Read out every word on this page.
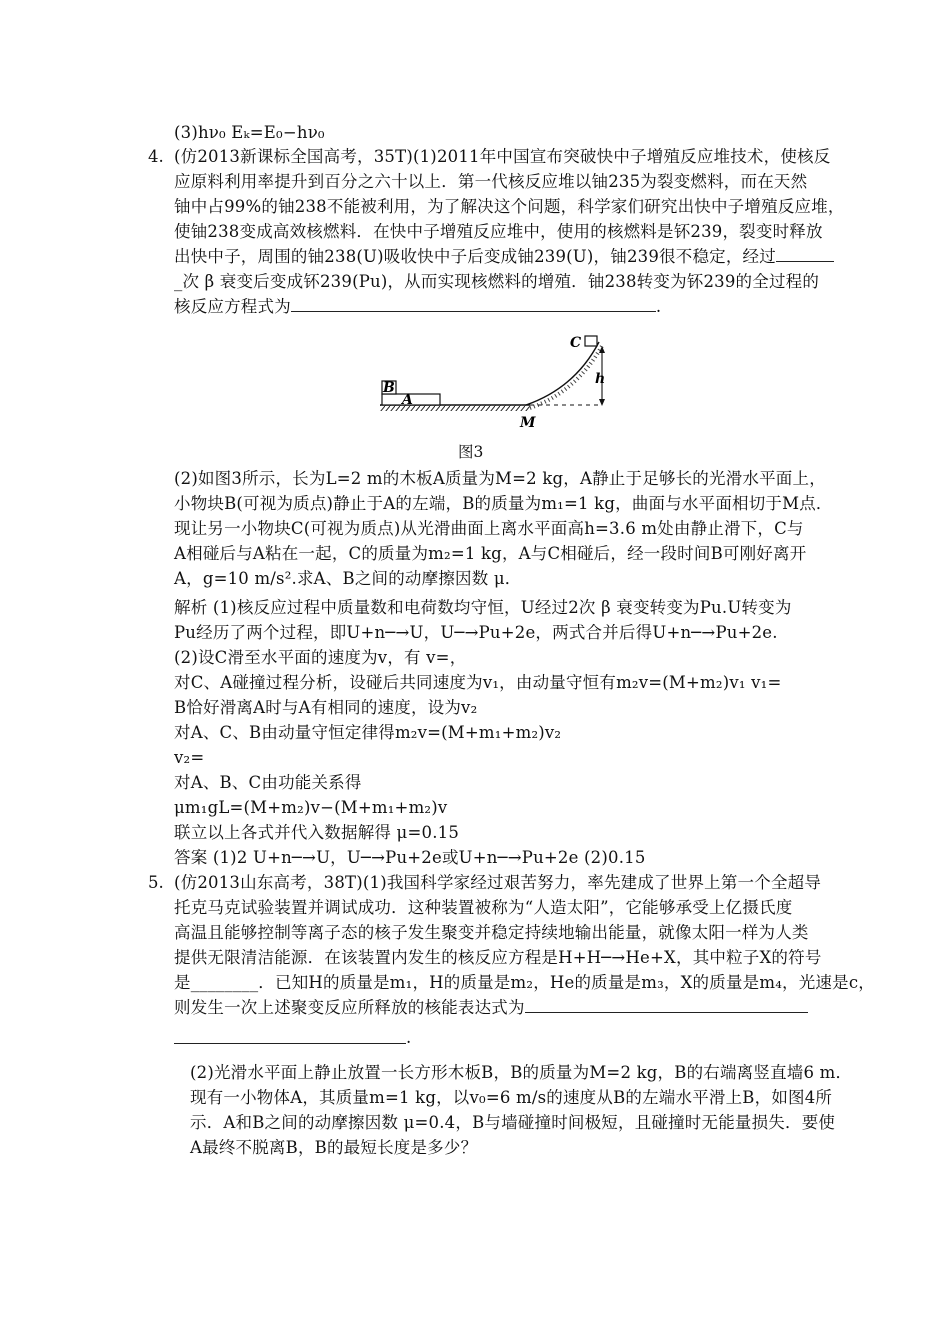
(3)hν₀ Eₖ=E₀−hν₀
4. (仿2013新课标全国高考，35T)(1)2011年中国宣布突破快中子增殖反应堆技术，使核反
应原料利用率提升到百分之六十以上．第一代核反应堆以铀235为裂变燃料，而在天然
铀中占99%的铀238不能被利用，为了解决这个问题，科学家们研究出快中子增殖反应堆，
使铀238变成高效核燃料．在快中子增殖反应堆中，使用的核燃料是钚239，裂变时释放
出快中子，周围的铀238(U)吸收快中子后变成铀239(U)，铀239很不稳定，经过
_次 β 衰变后变成钚239(Pu)，从而实现核燃料的增殖．铀238转变为钚239的全过程的
核反应方程式为	.
B
A
C
h
M
图3
(2)如图3所示，长为L=2 m的木板A质量为M=2 kg，A静止于足够长的光滑水平面上，
小物块B(可视为质点)静止于A的左端，B的质量为m₁=1 kg，曲面与水平面相切于M点．
现让另一小物块C(可视为质点)从光滑曲面上离水平面高h=3.6 m处由静止滑下，C与
A相碰后与A粘在一起，C的质量为m₂=1 kg，A与C相碰后，经一段时间B可刚好离开
A，g=10 m/s².求A、B之间的动摩擦因数 μ．
解析 (1)核反应过程中质量数和电荷数均守恒，U经过2次 β 衰变转变为Pu.U转变为
Pu经历了两个过程，即U+n─→U，U─→Pu+2e，两式合并后得U+n─→Pu+2e.
(2)设C滑至水平面的速度为v，有 v=，
对C、A碰撞过程分析，设碰后共同速度为v₁，由动量守恒有m₂v=(M+m₂)v₁ v₁=
B恰好滑离A时与A有相同的速度，设为v₂
对A、C、B由动量守恒定律得m₂v=(M+m₁+m₂)v₂
v₂=
对A、B、C由功能关系得
μm₁gL=(M+m₂)v−(M+m₁+m₂)v
联立以上各式并代入数据解得 μ=0.15
答案 (1)2 U+n─→U，U─→Pu+2e或U+n─→Pu+2e (2)0.15
5. (仿2013山东高考，38T)(1)我国科学家经过艰苦努力，率先建成了世界上第一个全超导
托克马克试验装置并调试成功．这种装置被称为“人造太阳”，它能够承受上亿摄氏度
高温且能够控制等离子态的核子发生聚变并稳定持续地输出能量，就像太阳一样为人类
提供无限清洁能源．在该装置内发生的核反应方程是H+H─→He+X，其中粒子X的符号
是________．已知H的质量是m₁，H的质量是m₂，He的质量是m₃，X的质量是m₄，光速是c，
则发生一次上述聚变反应所释放的核能表达式为
.
(2)光滑水平面上静止放置一长方形木板B，B的质量为M=2 kg，B的右端离竖直墙6 m．
现有一小物体A，其质量m=1 kg，以v₀=6 m/s的速度从B的左端水平滑上B，如图4所
示．A和B之间的动摩擦因数 μ=0.4，B与墙碰撞时间极短，且碰撞时无能量损失．要使
A最终不脱离B，B的最短长度是多少？
